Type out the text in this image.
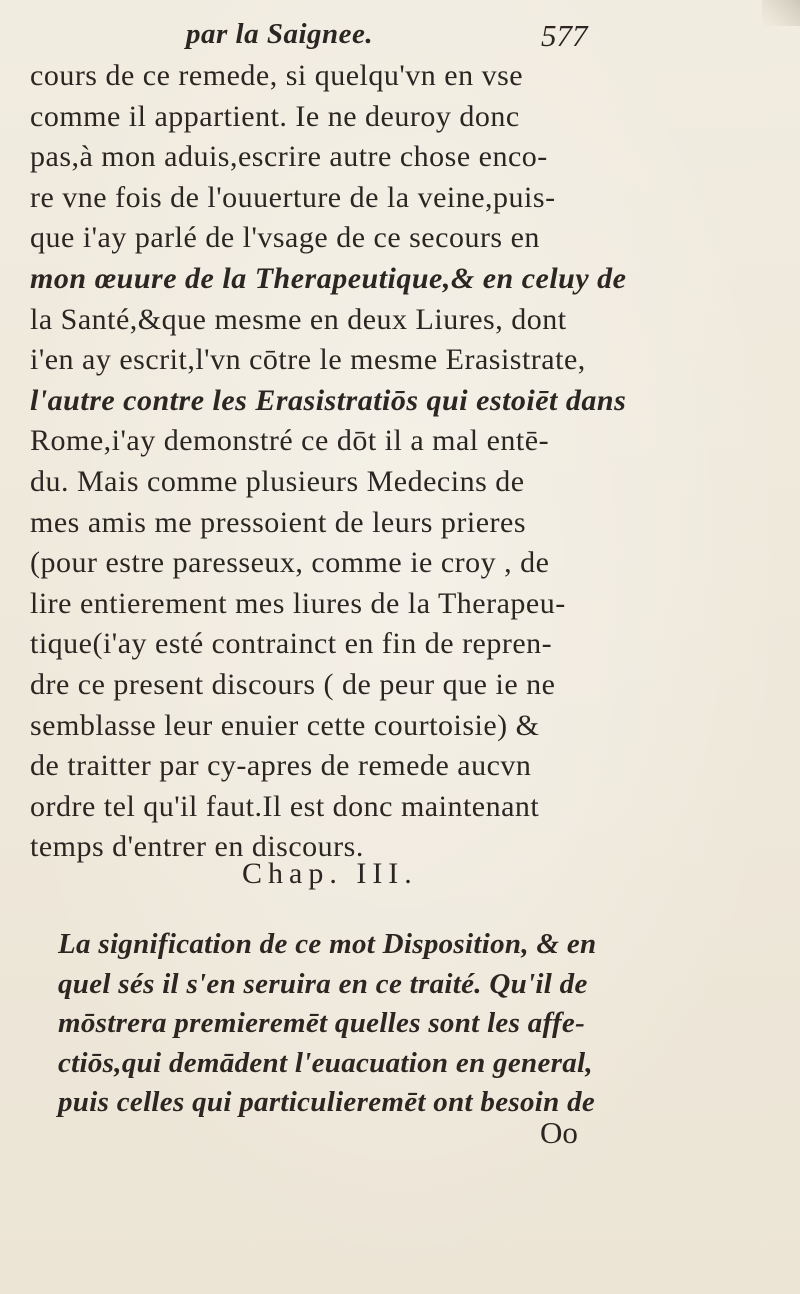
par la Saignee.	577
cours de ce remede, si quelqu'vn en vse
comme il appartient. Ie ne deuroy donc
pas,à mon aduis,escrire autre chose enco-
re vne fois de l'ouuerture de la veine,puis-
que i'ay parlé de l'vsage de ce secours en
mon œuure de la Therapeutique,& en celuy de
la Santé,&que mesme en deux Liures, dont
i'en ay escrit,l'vn cōtre le mesme Erasistrate,
l'autre contre les Erasistratiōs qui estoiēt dans
Rome,i'ay demonstré ce dōt il a mal entē-
du. Mais comme plusieurs Medecins de
mes amis me pressoient de leurs prieres
(pour estre paresseux, comme ie croy , de
lire entierement mes liures de la Therapeu-
tique(i'ay esté contrainct en fin de repren-
dre ce present discours ( de peur que ie ne
semblasse leur enuier cette courtoisie) &
de traitter par cy-apres de remede aucvn
ordre tel qu'il faut.Il est donc maintenant
temps d'entrer en discours.
Chap. III.
La signification de ce mot Disposition, & en
quel sés il s'en seruira en ce traité. Qu'il de
mōstrera premieremēt quelles sont les affe-
ctiōs,qui demādent l'euacuation en general,
puis celles qui particulieremēt ont besoin de
Oo
